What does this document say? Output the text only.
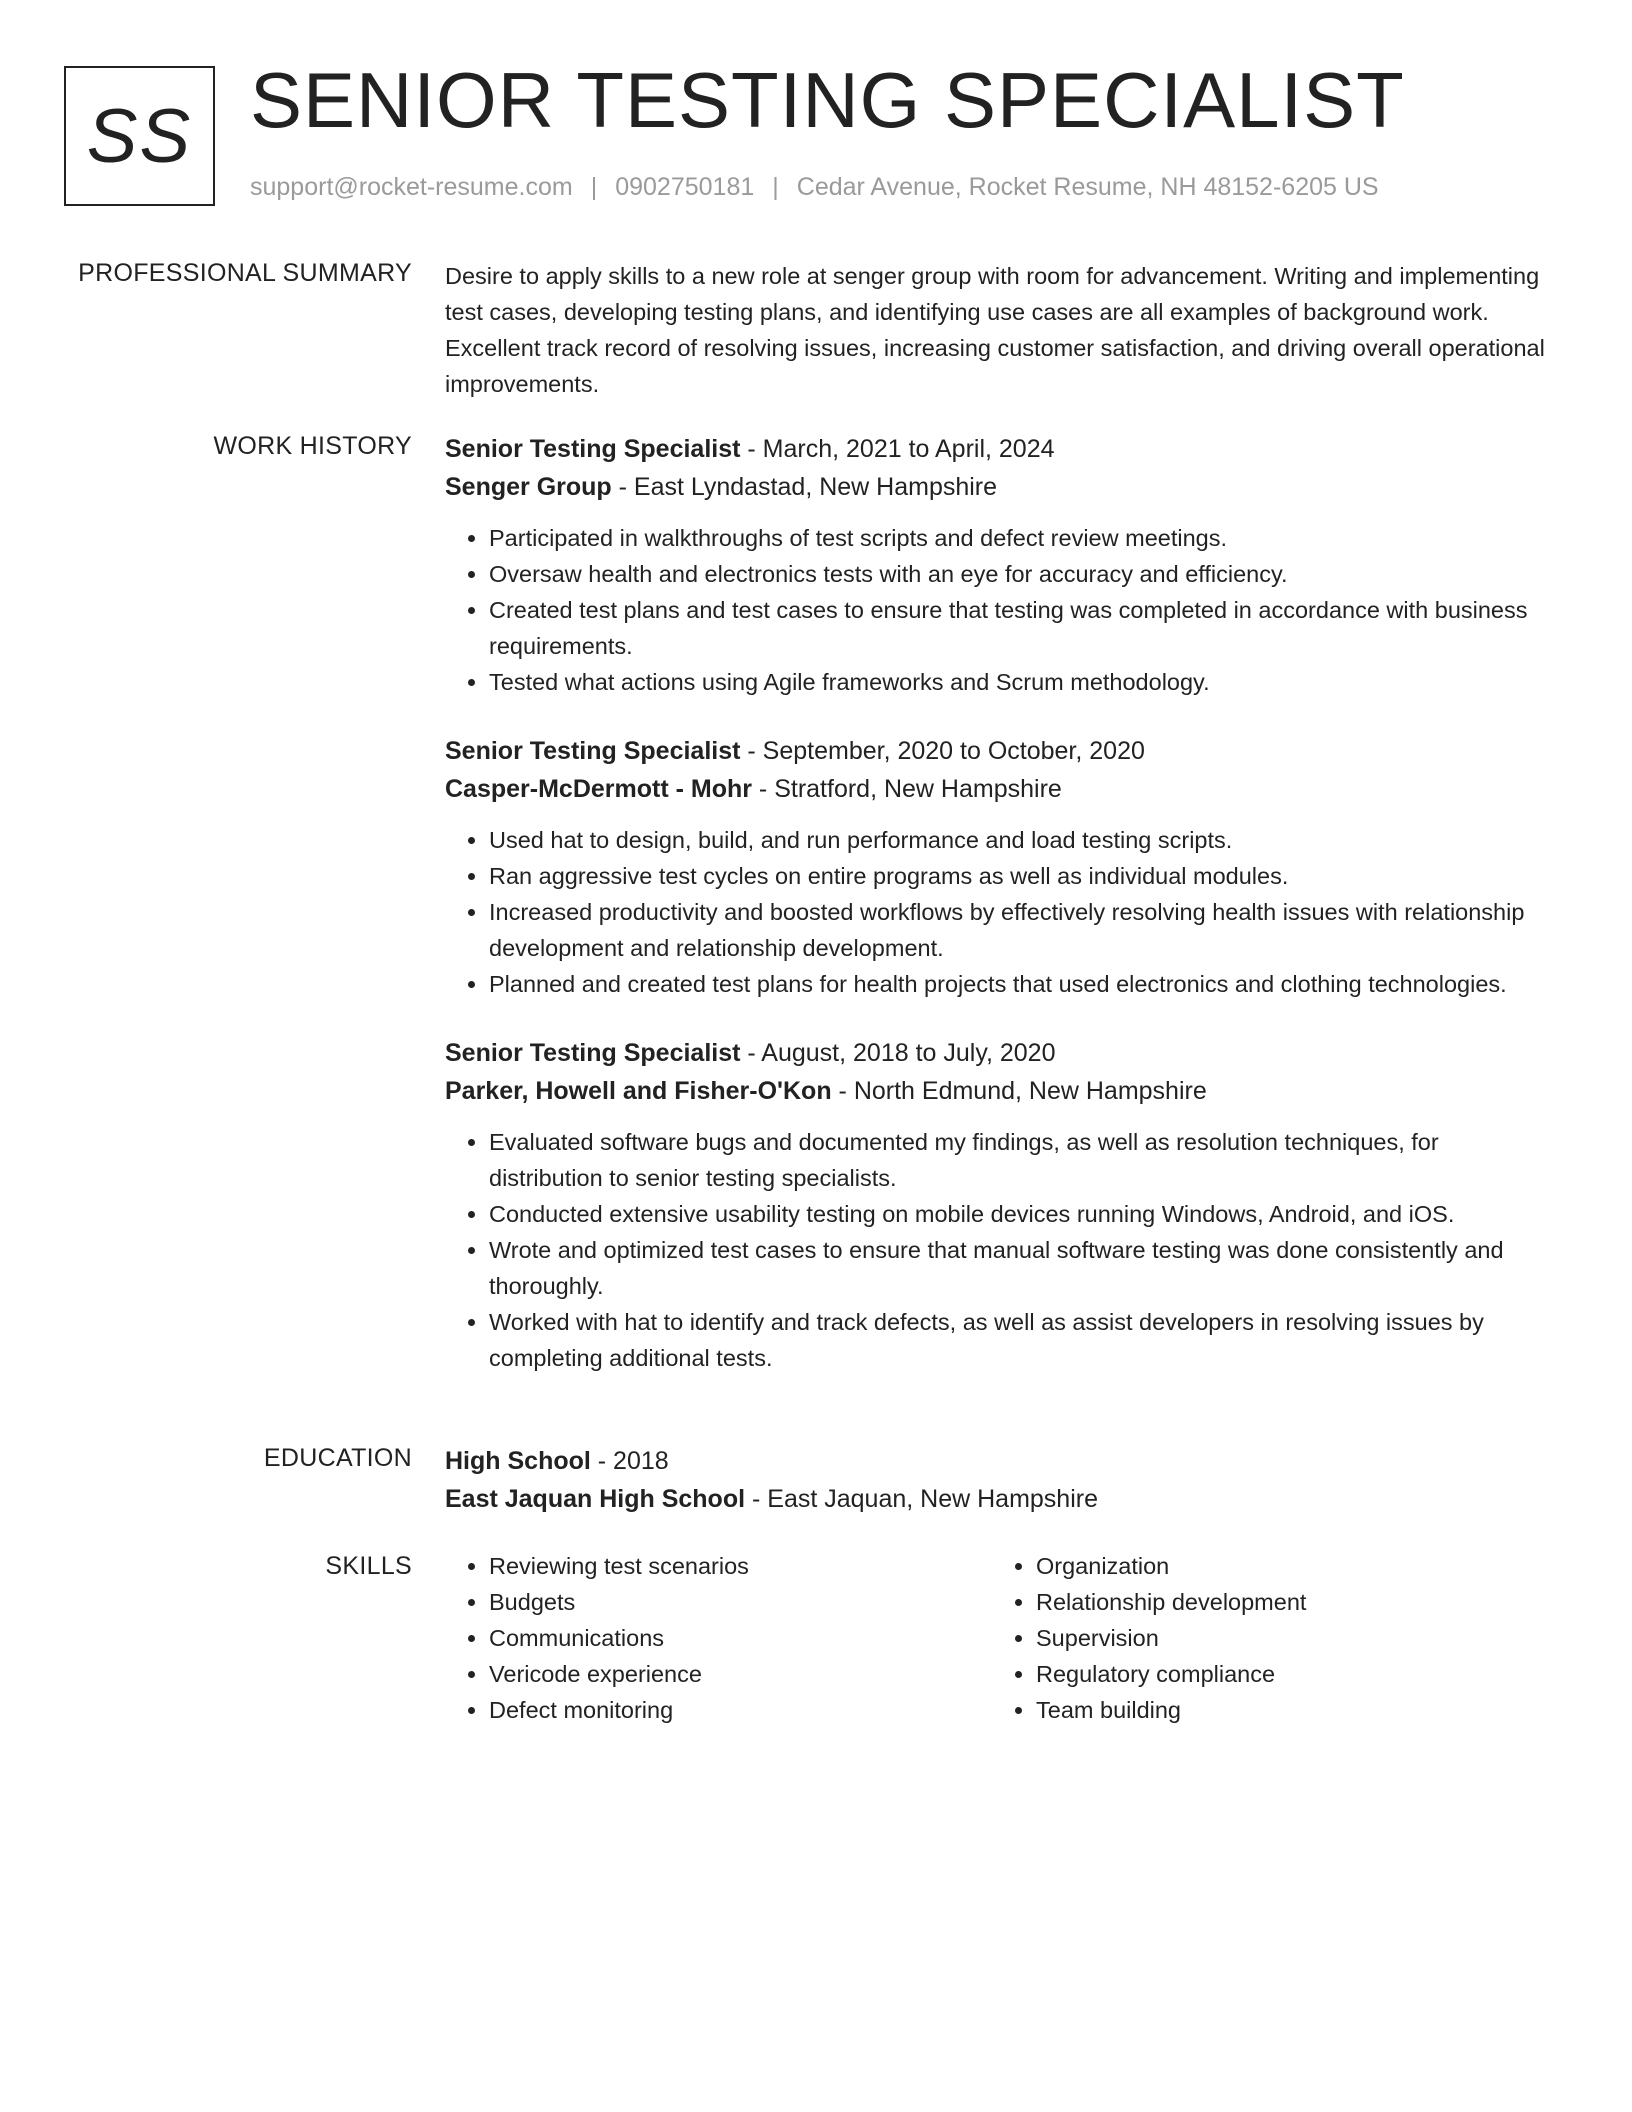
SS SENIOR TESTING SPECIALIST
support@rocket-resume.com | 0902750181 | Cedar Avenue, Rocket Resume, NH 48152-6205 US
PROFESSIONAL SUMMARY Desire to apply skills to a new role at senger group with room for advancement. Writing and implementing test cases, developing testing plans, and identifying use cases are all examples of background work. Excellent track record of resolving issues, increasing customer satisfaction, and driving overall operational improvements.

WORK HISTORY Senior Testing Specialist - March, 2021 to April, 2024

Senger Group - East Lyndastad, New Hampshire

• Participated in walkthroughs of test scripts and defect review meetings.
• Oversaw health and electronics tests with an eye for accuracy and efficiency.
• Created test plans and test cases to ensure that testing was completed in accordance with business requirements.
• Tested what actions using Agile frameworks and Scrum methodology.

Senior Testing Specialist - September, 2020 to October, 2020

Casper-McDermott - Mohr - Stratford, New Hampshire

• Used hat to design, build, and run performance and load testing scripts.
• Ran aggressive test cycles on entire programs as well as individual modules.
• Increased productivity and boosted workflows by effectively resolving health issues with relationship development and relationship development.
• Planned and created test plans for health projects that used electronics and clothing technologies.

Senior Testing Specialist - August, 2018 to July, 2020

Parker, Howell and Fisher-O'Kon - North Edmund, New Hampshire

• Evaluated software bugs and documented my findings, as well as resolution techniques, for distribution to senior testing specialists.
• Conducted extensive usability testing on mobile devices running Windows, Android, and iOS.
• Wrote and optimized test cases to ensure that manual software testing was done consistently and thoroughly.
• Worked with hat to identify and track defects, as well as assist developers in resolving issues by completing additional tests.
EDUCATION High School - 2018

East Jaquan High School - East Jaquan, New Hampshire

SKILLS
•	Reviewing test scenarios
• Budgets
• Communications
• Vericode experience
• Defect monitoring
• Organization
• Relationship development
• Supervision
• Regulatory compliance
• Team building
